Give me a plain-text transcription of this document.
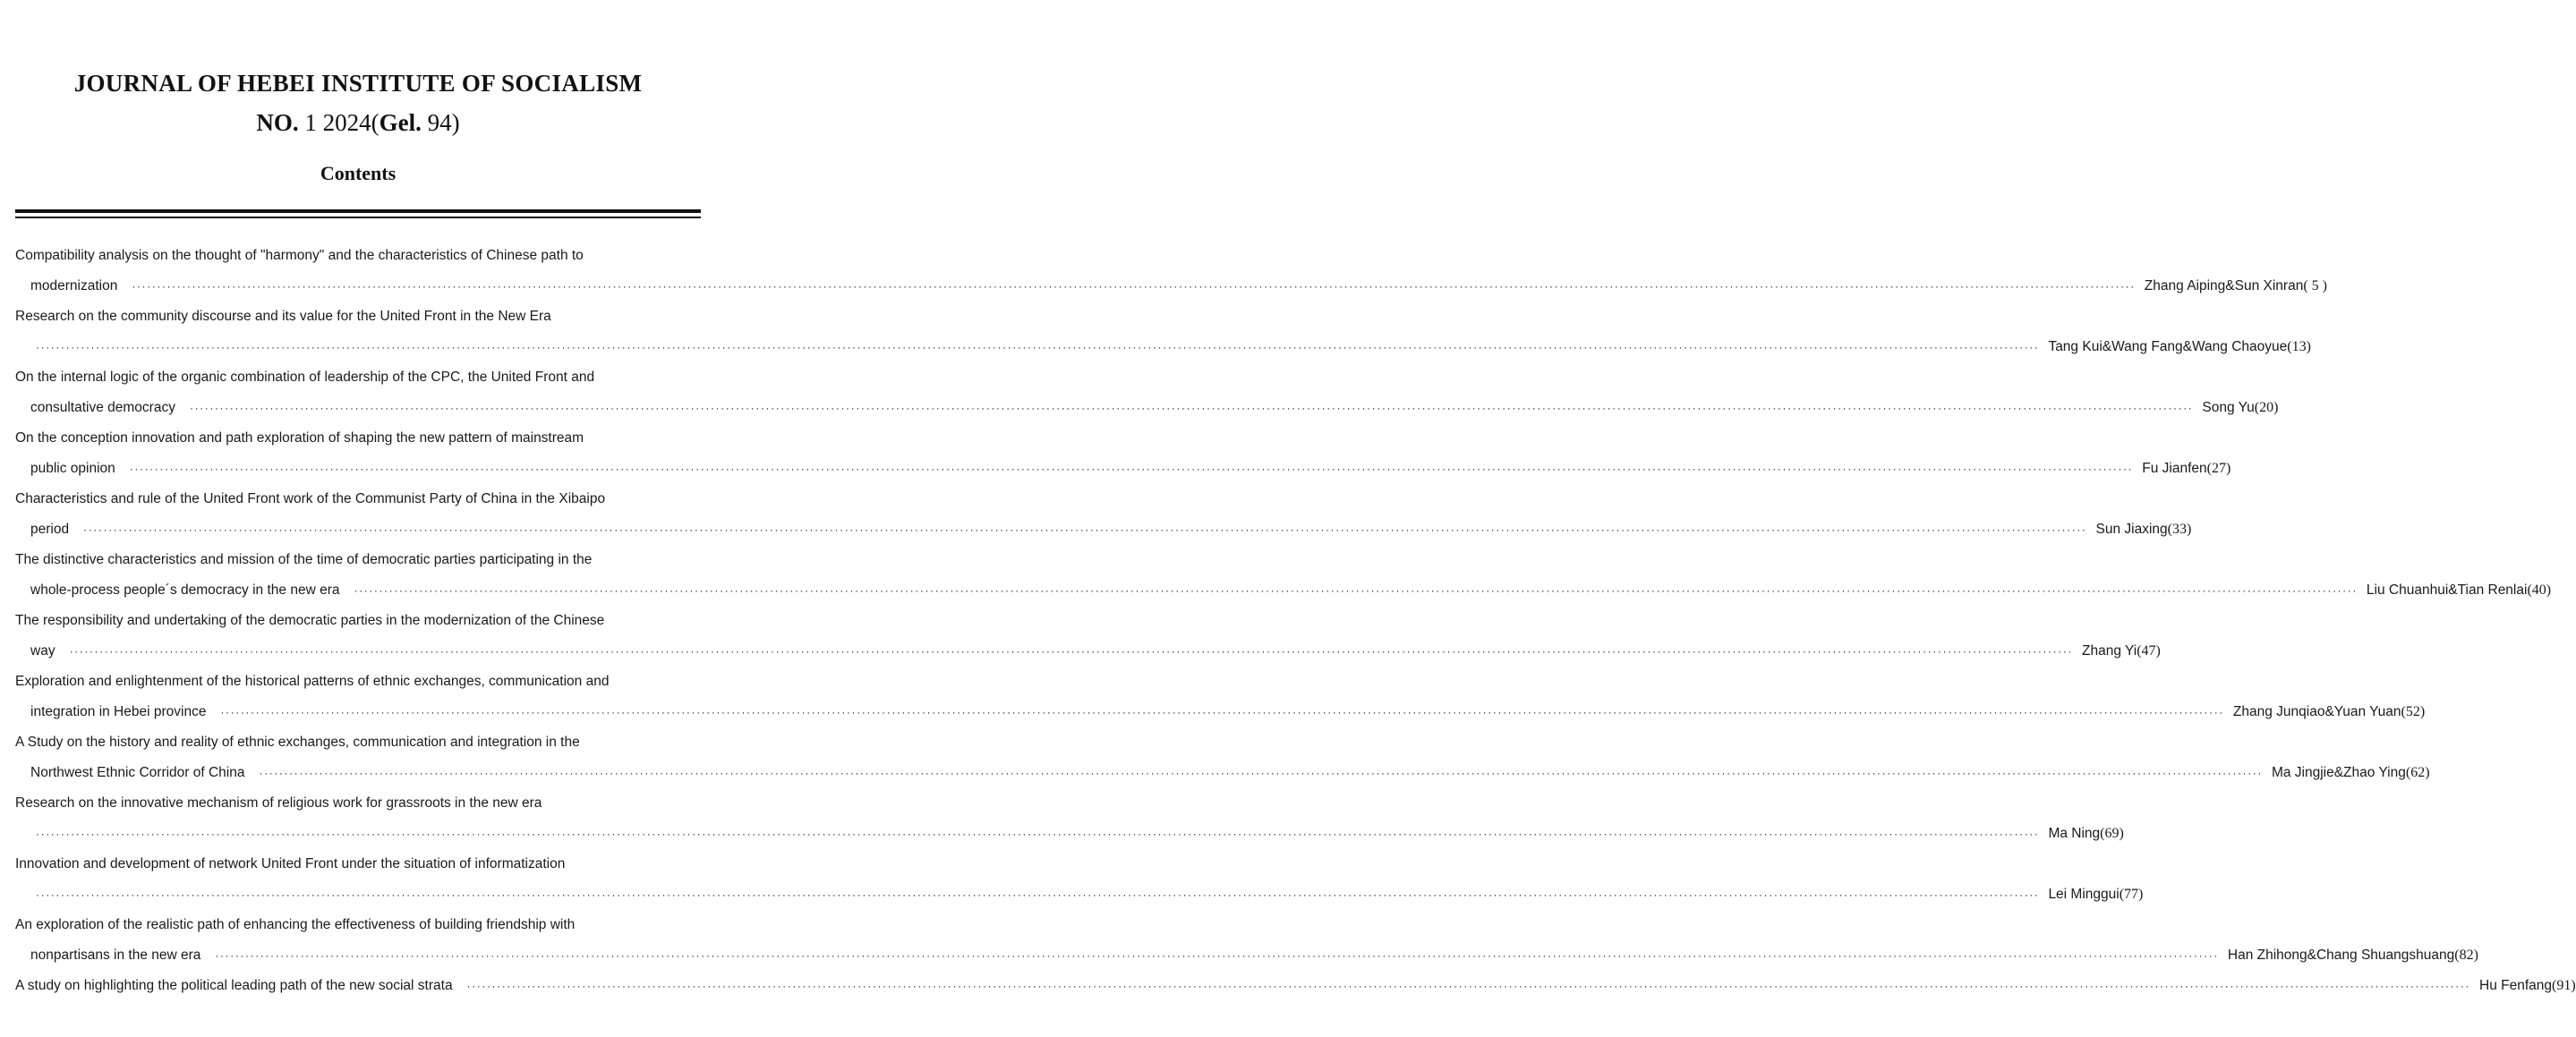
JOURNAL OF HEBEI INSTITUTE OF SOCIALISM
NO. 1 2024(Gel. 94)
Contents
Compatibility analysis on the thought of "harmony" and the characteristics of Chinese path to
modernization ················································································································································································································································································································································································································ Zhang Aiping&Sun Xinran ( 5 )
Research on the community discourse and its value for the United Front in the New Era
················································································································································································································································································································································································································ Tang Kui&Wang Fang&Wang Chaoyue (13)
On the internal logic of the organic combination of leadership of the CPC, the United Front and
consultative democracy ················································································································································································································································································································································································································ Song Yu (20)
On the conception innovation and path exploration of shaping the new pattern of mainstream
public opinion ················································································································································································································································································································································································································ Fu Jianfen (27)
Characteristics and rule of the United Front work of the Communist Party of China in the Xibaipo
period ················································································································································································································································································································································································································ Sun Jiaxing (33)
The distinctive characteristics and mission of the time of democratic parties participating in the
whole-process people´s democracy in the new era ················································································································································································································································································································································································································ Liu Chuanhui&Tian Renlai (40)
The responsibility and undertaking of the democratic parties in the modernization of the Chinese
way ················································································································································································································································································································································································································ Zhang Yi (47)
Exploration and enlightenment of the historical patterns of ethnic exchanges, communication and
integration in Hebei province ················································································································································································································································································································································································································ Zhang Junqiao&Yuan Yuan (52)
A Study on the history and reality of ethnic exchanges, communication and integration in the
Northwest Ethnic Corridor of China ················································································································································································································································································································································································································ Ma Jingjie&Zhao Ying (62)
Research on the innovative mechanism of religious work for grassroots in the new era
················································································································································································································································································································································································································ Ma Ning (69)
Innovation and development of network United Front under the situation of informatization
················································································································································································································································································································································································································ Lei Minggui (77)
An exploration of the realistic path of enhancing the effectiveness of building friendship with
nonpartisans in the new era ················································································································································································································································································································································································································ Han Zhihong&Chang Shuangshuang (82)
A study on highlighting the political leading path of the new social strata ················································································································································································································································································································································································································ Hu Fenfang (91)
